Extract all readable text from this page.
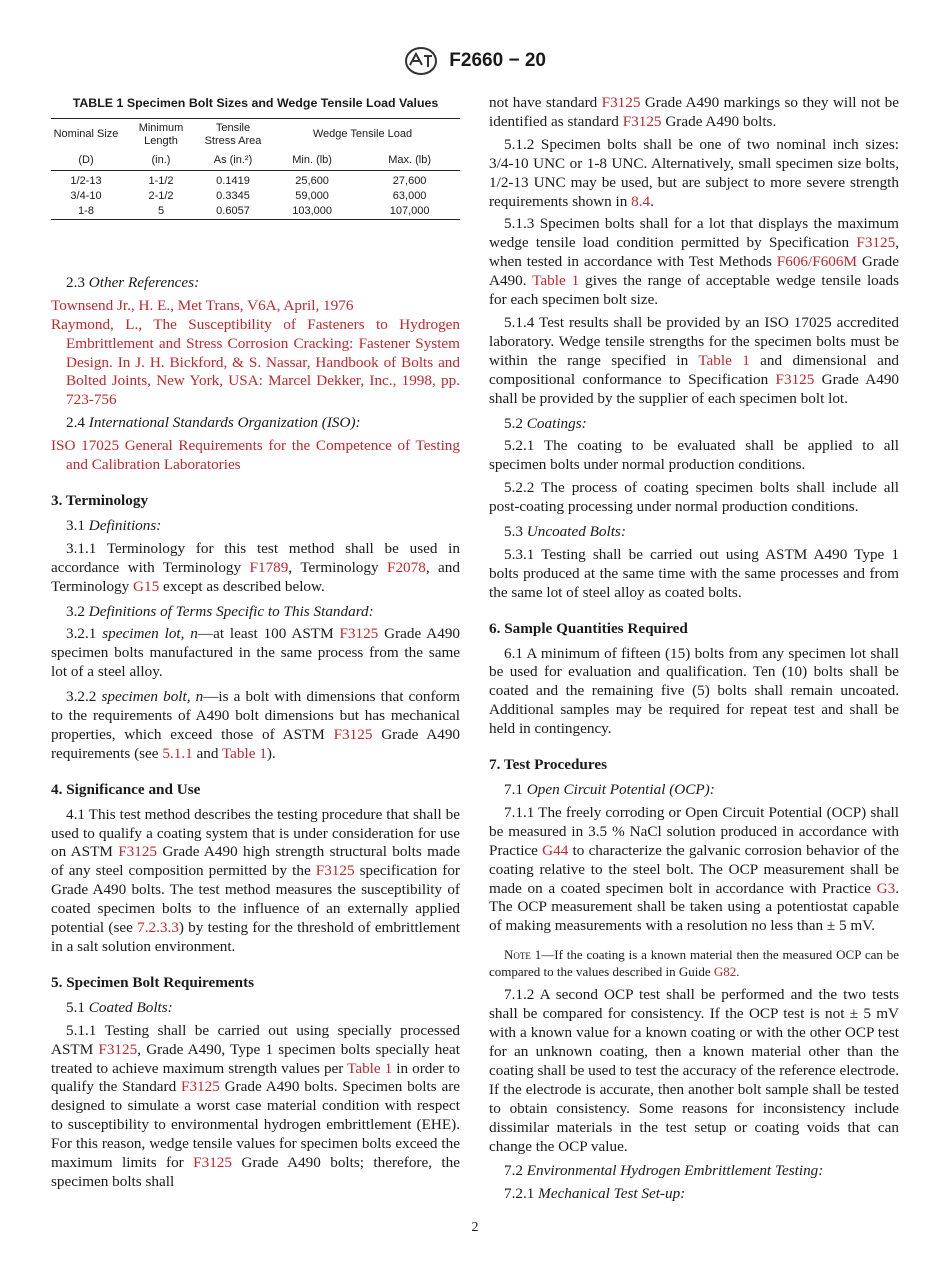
F2660 − 20
TABLE 1 Specimen Bolt Sizes and Wedge Tensile Load Values
Nominal Size	Minimum Length	Tensile Stress Area	Wedge Tensile Load	
(D)	(in.)	As (in.²)	Min. (lb)	Max. (lb)
1/2-13	1-1/2	0.1419	25,600	27,600
3/4-10	2-1/2	0.3345	59,000	63,000
1-8	5	0.6057	103,000	107,000

2.3 Other References:

Townsend Jr., H. E., Met Trans, V6A, April, 1976

Raymond, L., The Susceptibility of Fasteners to Hydrogen Embrittlement and Stress Corrosion Cracking: Fastener System Design. In J. H. Bickford, & S. Nassar, Handbook of Bolts and Bolted Joints, New York, USA: Marcel Dekker, Inc., 1998, pp. 723-756

2.4 International Standards Organization (ISO):

ISO 17025 General Requirements for the Competence of Testing and Calibration Laboratories

3. Terminology

3.1 Definitions:

3.1.1 Terminology for this test method shall be used in accordance with Terminology F1789, Terminology F2078, and Terminology G15 except as described below.

3.2 Definitions of Terms Specific to This Standard:

3.2.1 specimen lot, n—at least 100 ASTM F3125 Grade A490 specimen bolts manufactured in the same process from the same lot of a steel alloy.

3.2.2 specimen bolt, n—is a bolt with dimensions that conform to the requirements of A490 bolt dimensions but has mechanical properties, which exceed those of ASTM F3125 Grade A490 requirements (see 5.1.1 and Table 1).

4. Significance and Use

4.1 This test method describes the testing procedure that shall be used to qualify a coating system that is under consideration for use on ASTM F3125 Grade A490 high strength structural bolts made of any steel composition permitted by the F3125 specification for Grade A490 bolts. The test method measures the susceptibility of coated specimen bolts to the influence of an externally applied potential (see 7.2.3.3) by testing for the threshold of embrittlement in a salt solution environment.

5. Specimen Bolt Requirements

5.1 Coated Bolts:

5.1.1 Testing shall be carried out using specially processed ASTM F3125, Grade A490, Type 1 specimen bolts specially heat treated to achieve maximum strength values per Table 1 in order to qualify the Standard F3125 Grade A490 bolts. Specimen bolts are designed to simulate a worst case material condition with respect to susceptibility to environmental hydrogen embrittlement (EHE). For this reason, wedge tensile values for specimen bolts exceed the maximum limits for F3125 Grade A490 bolts; therefore, the specimen bolts shall

not have standard F3125 Grade A490 markings so they will not be identified as standard F3125 Grade A490 bolts.

5.1.2 Specimen bolts shall be one of two nominal inch sizes: 3/4-10 UNC or 1-8 UNC. Alternatively, small specimen size bolts, 1/2-13 UNC may be used, but are subject to more severe strength requirements shown in 8.4.

5.1.3 Specimen bolts shall for a lot that displays the maximum wedge tensile load condition permitted by Specification F3125, when tested in accordance with Test Methods F606/F606M Grade A490. Table 1 gives the range of acceptable wedge tensile loads for each specimen bolt size.

5.1.4 Test results shall be provided by an ISO 17025 accredited laboratory. Wedge tensile strengths for the specimen bolts must be within the range specified in Table 1 and dimensional and compositional conformance to Specification F3125 Grade A490 shall be provided by the supplier of each specimen bolt lot.

5.2 Coatings:

5.2.1 The coating to be evaluated shall be applied to all specimen bolts under normal production conditions.

5.2.2 The process of coating specimen bolts shall include all post-coating processing under normal production conditions.

5.3 Uncoated Bolts:

5.3.1 Testing shall be carried out using ASTM A490 Type 1 bolts produced at the same time with the same processes and from the same lot of steel alloy as coated bolts.

6. Sample Quantities Required

6.1 A minimum of fifteen (15) bolts from any specimen lot shall be used for evaluation and qualification. Ten (10) bolts shall be coated and the remaining five (5) bolts shall remain uncoated. Additional samples may be required for repeat test and shall be held in contingency.

7. Test Procedures

7.1 Open Circuit Potential (OCP):

7.1.1 The freely corroding or Open Circuit Potential (OCP) shall be measured in 3.5 % NaCl solution produced in accordance with Practice G44 to characterize the galvanic corrosion behavior of the coating relative to the steel bolt. The OCP measurement shall be made on a coated specimen bolt in accordance with Practice G3. The OCP measurement shall be taken using a potentiostat capable of making measurements with a resolution no less than ± 5 mV.

Note 1—If the coating is a known material then the measured OCP can be compared to the values described in Guide G82.

7.1.2 A second OCP test shall be performed and the two tests shall be compared for consistency. If the OCP test is not ± 5 mV with a known value for a known coating or with the other OCP test for an unknown coating, then a known material other than the coating shall be used to test the accuracy of the reference electrode. If the electrode is accurate, then another bolt sample shall be tested to obtain consistency. Some reasons for inconsistency include dissimilar materials in the test setup or coating voids that can change the OCP value.

7.2 Environmental Hydrogen Embrittlement Testing:

7.2.1 Mechanical Test Set-up:

2
